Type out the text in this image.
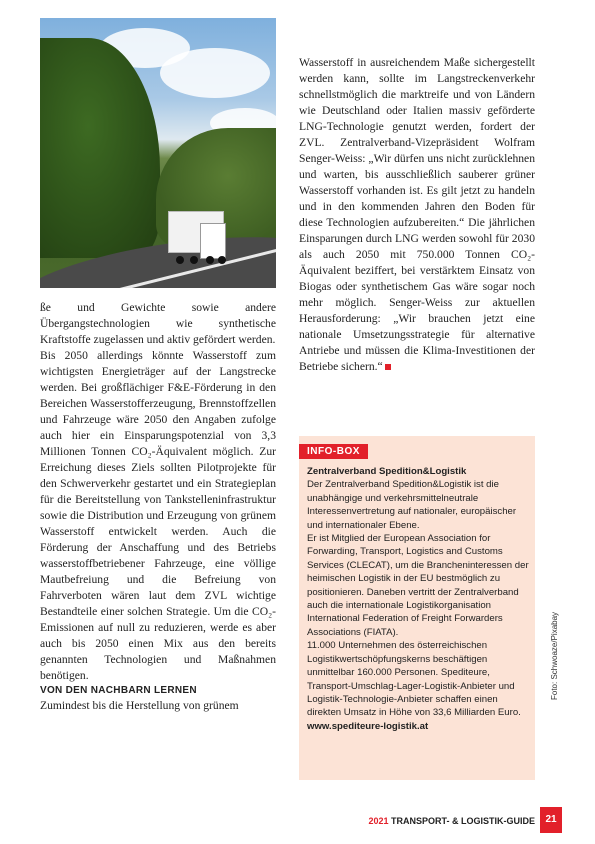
ße und Gewichte sowie andere Übergangstechnologien wie synthetische Kraftstoffe zugelassen und aktiv gefördert werden.

Bis 2050 allerdings könnte Wasserstoff zum wichtigsten Energieträger auf der Langstrecke werden. Bei großflächiger F&E-Förderung in den Bereichen Wasserstofferzeugung, Brennstoffzellen und Fahrzeuge wäre 2050 den Angaben zufolge auch hier ein Einsparungspotenzial von 3,3 Millionen Tonnen CO₂-Äquivalent möglich. Zur Erreichung dieses Ziels sollten Pilotprojekte für den Schwerverkehr gestartet und ein Strategieplan für die Bereitstellung von Tankstelleninfrastruktur sowie die Distribution und Erzeugung von grünem Wasserstoff entwickelt werden. Auch die Förderung der Anschaffung und des Betriebs wasserstoffbetriebener Fahrzeuge, eine völlige Mautbefreiung und die Befreiung von Fahrverboten wären laut dem ZVL wichtige Bestandteile einer solchen Strategie. Um die CO₂-Emissionen auf null zu reduzieren, werde es aber auch bis 2050 einen Mix aus den bereits genannten Technologien und Maßnahmen benötigen.

VON DEN NACHBARN LERNEN

Zumindest bis die Herstellung von grünem

Wasserstoff in ausreichendem Maße sichergestellt werden kann, sollte im Langstreckenverkehr schnellstmöglich die marktreife und von Ländern wie Deutschland oder Italien massiv geförderte LNG-Technologie genutzt werden, fordert der ZVL. Zentralverband-Vizepräsident Wolfram Senger-Weiss: „Wir dürfen uns nicht zurücklehnen und warten, bis ausschließlich sauberer grüner Wasserstoff vorhanden ist. Es gilt jetzt zu handeln und in den kommenden Jahren den Boden für diese Technologien aufzubereiten.“ Die jährlichen Einsparungen durch LNG werden sowohl für 2030 als auch 2050 mit 750.000 Tonnen CO₂-Äquivalent beziffert, bei verstärktem Einsatz von Biogas oder synthetischem Gas wäre sogar noch mehr möglich. Senger-Weiss zur aktuellen Herausforderung: „Wir brauchen jetzt eine nationale Umsetzungsstrategie für alternative Antriebe und müssen die Klima-Investitionen der Betriebe sichern.“

INFO-BOX
Zentralverband Spedition&Logistik
Der Zentralverband Spedition&Logistik ist die unabhängige und verkehrsmittelneutrale Interessenvertretung auf nationaler, europäischer und internationaler Ebene.
Er ist Mitglied der European Association for Forwarding, Transport, Logistics and Customs Services (CLECAT), um die Brancheninteressen der heimischen Logistik in der EU bestmöglich zu positionieren. Daneben vertritt der Zentralverband auch die internationale Logistikorganisation International Federation of Freight Forwarders Associations (FIATA).
11.000 Unternehmen des österreichischen Logistikwertschöpfungskerns beschäftigen unmittelbar 160.000 Personen. Spediteure, Transport-Umschlag-Lager-Logistik-Anbieter und Logistik-Technologie-Anbieter schaffen einen direkten Umsatz in Höhe von 33,6 Milliarden Euro.
www.spediteure-logistik.at
Foto: Schwoaze/Pixabay
2021 TRANSPORT- & LOGISTIK-GUIDE	21
